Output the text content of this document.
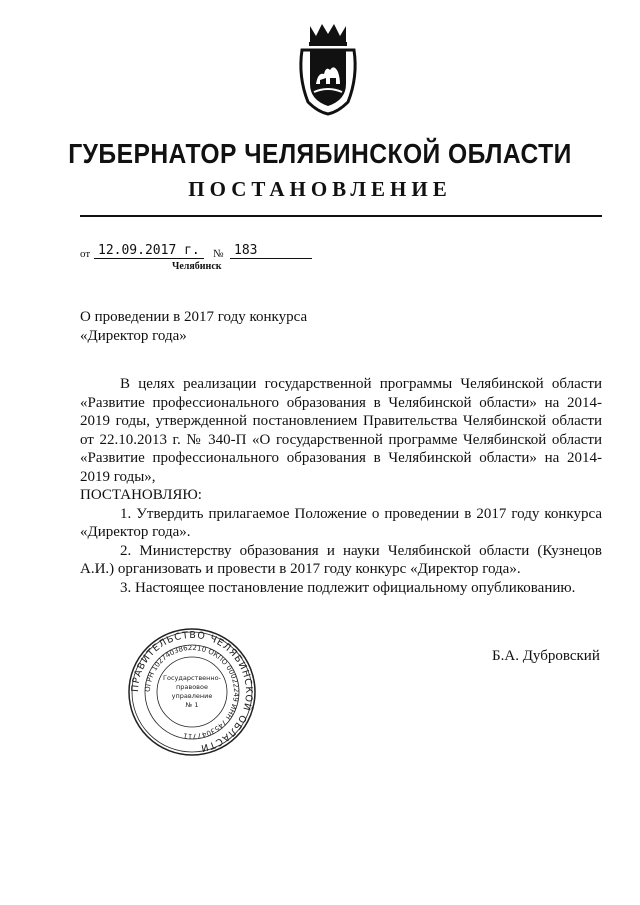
ГУБЕРНАТОР ЧЕЛЯБИНСКОЙ ОБЛАСТИ
ПОСТАНОВЛЕНИЕ
от 12.09.2017 г.	№ 183
Челябинск
О проведении в 2017 году конкурса
«Директор года»

В целях реализации государственной программы Челябинской области «Развитие профессионального образования в Челябинской области» на 2014-2019 годы, утвержденной постановлением Правительства Челябинской области от 22.10.2013 г. № 340-П «О государственной программе Челябинской области «Развитие профессионального образования в Челябинской области» на 2014-2019 годы»,

ПОСТАНОВЛЯЮ:

1. Утвердить прилагаемое Положение о проведении в 2017 году конкурса «Директор года».

2. Министерству образования и науки Челябинской области (Кузнецов А.И.) организовать и провести в 2017 году конкурс «Директор года».

3. Настоящее постановление подлежит официальному опубликованию.

ПРАВИТЕЛЬСТВО ЧЕЛЯБИНСКОЙ ОБЛАСТИ
ОГРН 1027403862210 ОКПО 00022249 ИНН 7453047711
Государственно-
правовое
управление
№ 1
Б.А. Дубровский
